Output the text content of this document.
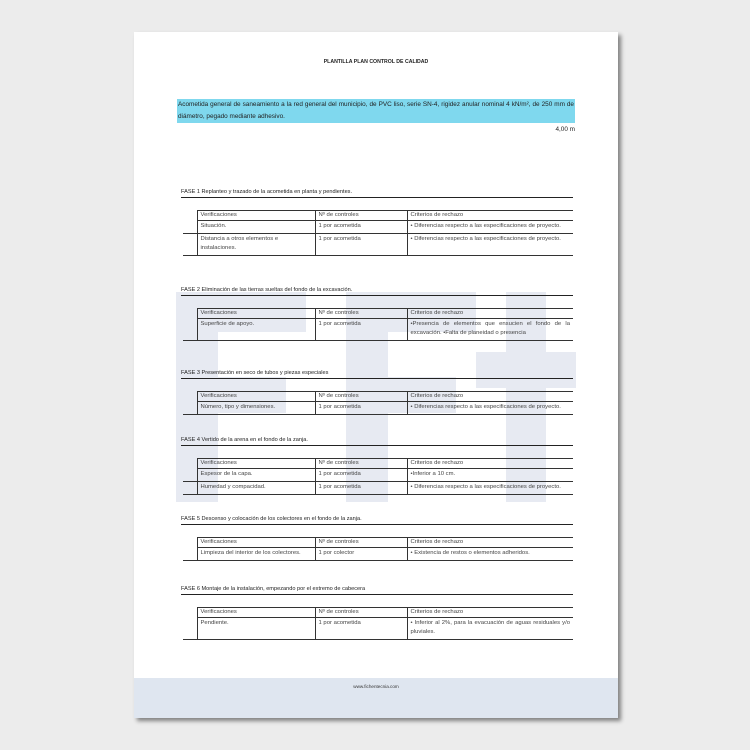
PLANTILLA PLAN CONTROL DE CALIDAD
Acometida general de saneamiento a la red general del municipio, de PVC liso, serie SN-4, rigidez anular nominal 4 kN/m², de 250 mm de diámetro, pegado mediante adhesivo.
4,00 m
FASE 1 Replanteo y trazado de la acometida en planta y pendientes.
	Verificaciones	Nº de controles	Criterios de rechazo
	Situación.	1 por acometida	• Diferencias respecto a las especificaciones de proyecto.
	Distancia a otros elementos e instalaciones.	1 por acometida	• Diferencias respecto a las especificaciones de proyecto.
FASE 2 Eliminación de las tierras sueltas del fondo de la excavación.
	Verificaciones	Nº de controles	Criterios de rechazo
	Superficie de apoyo.	1 por acometida	•Presencia de elementos que ensucien el fondo de la excavación. •Falta de planeidad o presencia
FASE 3 Presentación en seco de tubos y piezas especiales
	Verificaciones	Nº de controles	Criterios de rechazo
	Número, tipo y dimensiones.	1 por acometida	• Diferencias respecto a las especificaciones de proyecto.
FASE 4 Vertido de la arena en el fondo de la zanja.
	Verificaciones	Nº de controles	Criterios de rechazo
	Espesor de la capa.	1 por acometida	•Inferior a 10 cm.
	Humedad y compacidad.	1 por acometida	• Diferencias respecto a las especificaciones de proyecto.
FASE 5 Descenso y colocación de los colectores en el fondo de la zanja.
	Verificaciones	Nº de controles	Criterios de rechazo
	Limpieza del interior de los colectores.	1 por colector	• Existencia de restos o elementos adheridos.
FASE 6 Montaje de la instalación, empezando por el extremo de cabecera
	Verificaciones	Nº de controles	Criterios de rechazo
	Pendiente.	1 por acometida	• Inferior al 2%, para la evacuación de aguas residuales y/o pluviales.
www.fichentecnia.com
